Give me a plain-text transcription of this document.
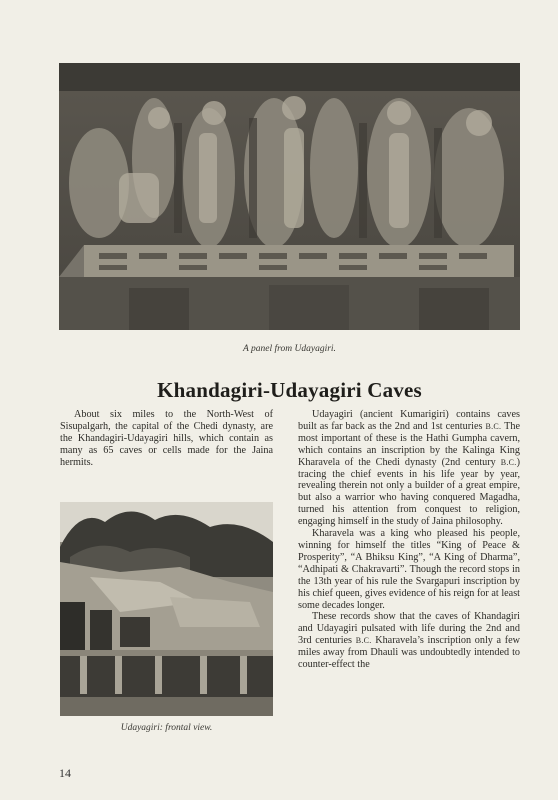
A panel from Udayagiri.
Khandagiri-Udayagiri Caves

About six miles to the North-West of Sisupalgarh, the capital of the Chedi dynasty, are the Khandagiri-Udayagiri hills, which contain as many as 65 caves or cells made for the Jaina hermits.

Udayagiri: frontal view.

Udayagiri (ancient Kumarigiri) contains caves built as far back as the 2nd and 1st centuries B.C. The most important of these is the Hathi Gumpha cavern, which contains an inscription by the Kalinga King Kharavela of the Chedi dynasty (2nd century B.C.) tracing the chief events in his life year by year, revealing therein not only a builder of a great empire, but also a warrior who having conquered Magadha, turned his attention from conquest to religion, engaging himself in the study of Jaina philosophy.

Kharavela was a king who pleased his people, winning for himself the titles “King of Peace & Prosperity”, “A Bhiksu King”, “A King of Dharma”, “Adhipati & Chakravarti”. Though the record stops in the 13th year of his rule the Svargapuri inscription by his chief queen, gives evidence of his reign for at least some decades longer.

These records show that the caves of Khandagiri and Udayagiri pulsated with life during the 2nd and 3rd centuries B.C. Kharavela’s inscription only a few miles away from Dhauli was undoubtedly intended to counter-effect the

14
